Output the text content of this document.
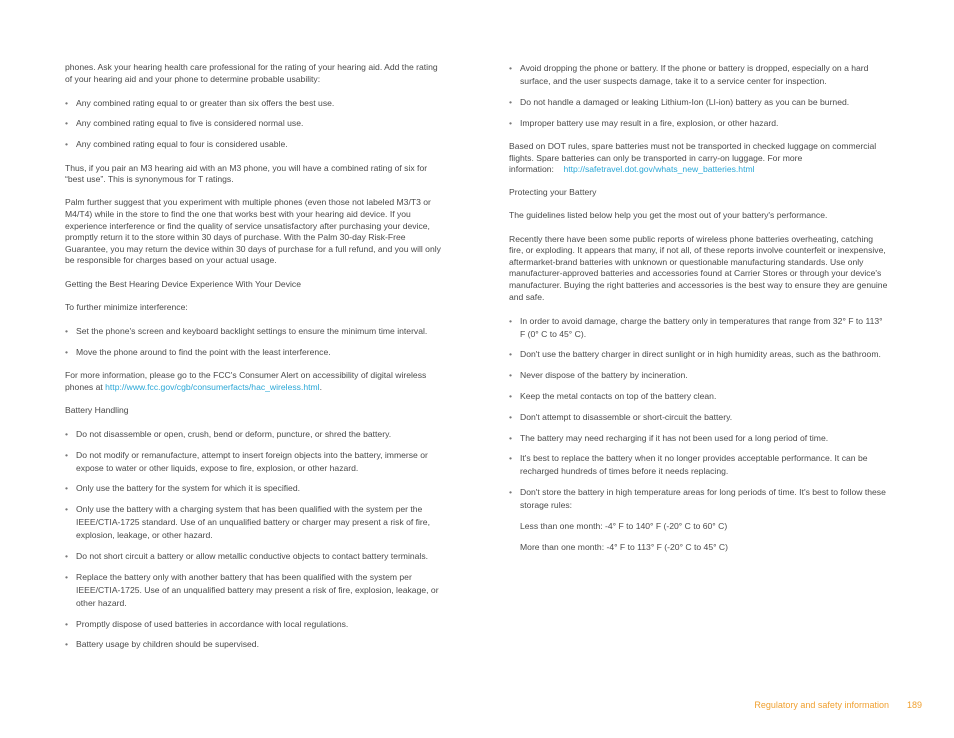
phones. Ask your hearing health care professional for the rating of your hearing aid. Add the rating of your hearing aid and your phone to determine probable usability:

• Any combined rating equal to or greater than six offers the best use.
• Any combined rating equal to five is considered normal use.
• Any combined rating equal to four is considered usable.

Thus, if you pair an M3 hearing aid with an M3 phone, you will have a combined rating of six for “best use”. This is synonymous for T ratings.

Palm further suggest that you experiment with multiple phones (even those not labeled M3/T3 or M4/T4) while in the store to find the one that works best with your hearing aid device. If you experience interference or find the quality of service unsatisfactory after purchasing your device, promptly return it to the store within 30 days of purchase. With the Palm 30-day Risk-Free Guarantee, you may return the device within 30 days of purchase for a full refund, and you will only be responsible for charges based on your actual usage.

Getting the Best Hearing Device Experience With Your Device

To further minimize interference:

• Set the phone's screen and keyboard backlight settings to ensure the minimum time interval.
• Move the phone around to find the point with the least interference.

For more information, please go to the FCC's Consumer Alert on accessibility of digital wireless phones at http://www.fcc.gov/cgb/consumerfacts/hac_wireless.html.

Battery Handling

• Do not disassemble or open, crush, bend or deform, puncture, or shred the battery.
• Do not modify or remanufacture, attempt to insert foreign objects into the battery, immerse or expose to water or other liquids, expose to fire, explosion, or other hazard.
• Only use the battery for the system for which it is specified.
• Only use the battery with a charging system that has been qualified with the system per the IEEE/CTIA-1725 standard. Use of an unqualified battery or charger may present a risk of fire, explosion, leakage, or other hazard.
• Do not short circuit a battery or allow metallic conductive objects to contact battery terminals.
• Replace the battery only with another battery that has been qualified with the system per IEEE/CTIA-1725. Use of an unqualified battery may present a risk of fire, explosion, leakage, or other hazard.
• Promptly dispose of used batteries in accordance with local regulations.
• Battery usage by children should be supervised.
• Avoid dropping the phone or battery. If the phone or battery is dropped, especially on a hard surface, and the user suspects damage, take it to a service center for inspection.
• Do not handle a damaged or leaking Lithium-Ion (LI-ion) battery as you can be burned.
• Improper battery use may result in a fire, explosion, or other hazard.

Based on DOT rules, spare batteries must not be transported in checked luggage on commercial flights. Spare batteries can only be transported in carry-on luggage. For more information: http://safetravel.dot.gov/whats_new_batteries.html

Protecting your Battery

The guidelines listed below help you get the most out of your battery's performance.

Recently there have been some public reports of wireless phone batteries overheating, catching fire, or exploding. It appears that many, if not all, of these reports involve counterfeit or inexpensive, aftermarket-brand batteries with unknown or questionable manufacturing standards. Use only manufacturer-approved batteries and accessories found at Carrier Stores or through your device's manufacturer. Buying the right batteries and accessories is the best way to ensure they are genuine and safe.

• In order to avoid damage, charge the battery only in temperatures that range from 32° F to 113° F (0° C to 45° C).
• Don't use the battery charger in direct sunlight or in high humidity areas, such as the bathroom.
• Never dispose of the battery by incineration.
• Keep the metal contacts on top of the battery clean.
• Don't attempt to disassemble or short-circuit the battery.
• The battery may need recharging if it has not been used for a long period of time.
• It's best to replace the battery when it no longer provides acceptable performance. It can be recharged hundreds of times before it needs replacing.
• Don't store the battery in high temperature areas for long periods of time. It's best to follow these storage rules:

Less than one month: -4° F to 140° F (-20° C to 60° C)

More than one month: -4° F to 113° F (-20° C to 45° C)

Regulatory and safety information 189
